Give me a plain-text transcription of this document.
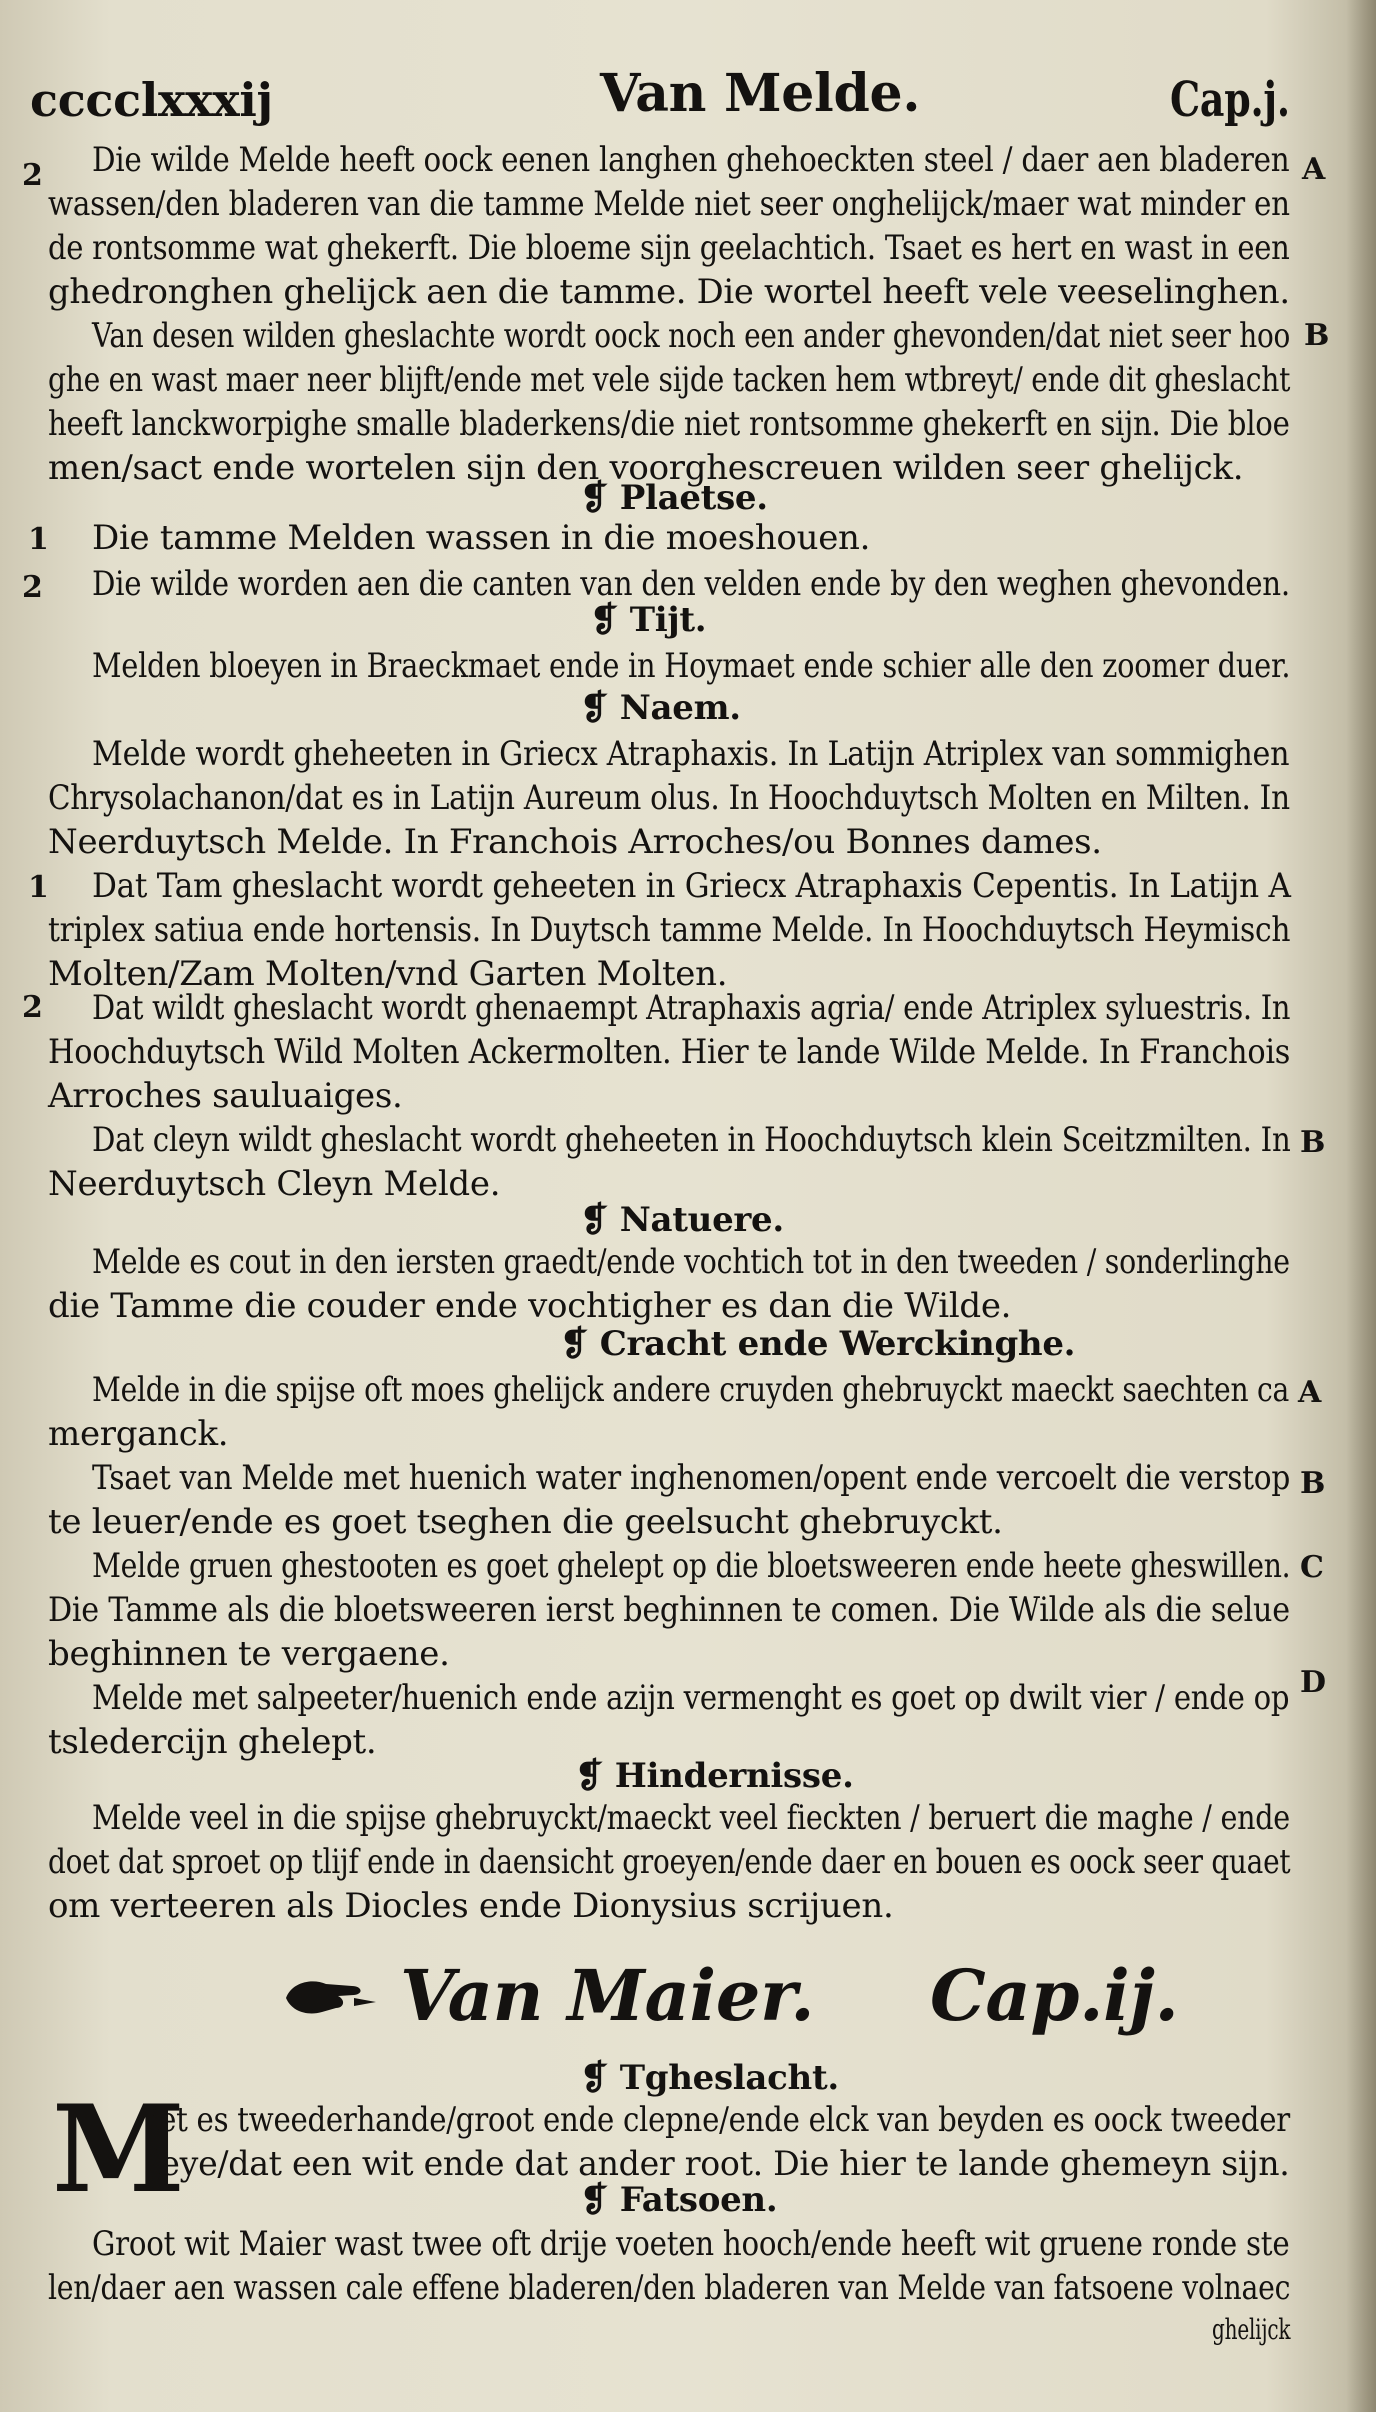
cccclxxxij	Van Melde.	Cap.j.
2	A
B
1
2
1
2
B
A
B
C
D
Die wilde Melde heeft oock eenen langhen ghehoeckten steel / daer aen bladeren
wassen/den bladeren van die tamme Melde niet seer onghelijck/maer wat minder en
de rontsomme wat ghekerft. Die bloeme sijn geelachtich. Tsaet es hert en wast in een
ghedronghen ghelijck aen die tamme. Die wortel heeft vele veeselinghen.
Van desen wilden gheslachte wordt oock noch een ander ghevonden/dat niet seer hoo
ghe en wast maer neer blijft/ende met vele sijde tacken hem wtbreyt/ ende dit gheslacht
heeft lanckworpighe smalle bladerkens/die niet rontsomme ghekerft en sijn. Die bloe
men/sact ende wortelen sijn den voorghescreuen wilden seer ghelijck.
❡ Plaetse.
Die tamme Melden wassen in die moeshouen.
Die wilde worden aen die canten van den velden ende by den weghen ghevonden.
❡ Tijt.
Melden bloeyen in Braeckmaet ende in Hoymaet ende schier alle den zoomer duer.
❡ Naem.
Melde wordt gheheeten in Griecx Atraphaxis. In Latijn Atriplex van sommighen
Chrysolachanon/dat es in Latijn Aureum olus. In Hoochduytsch Molten en Milten. In
Neerduytsch Melde. In Franchois Arroches/ou Bonnes dames.
Dat Tam gheslacht wordt geheeten in Griecx Atraphaxis Cepentis. In Latijn A
triplex satiua ende hortensis. In Duytsch tamme Melde. In Hoochduytsch Heymisch
Molten/Zam Molten/vnd Garten Molten.
Dat wildt gheslacht wordt ghenaempt Atraphaxis agria/ ende Atriplex syluestris. In
Hoochduytsch Wild Molten Ackermolten. Hier te lande Wilde Melde. In Franchois
Arroches sauluaiges.
Dat cleyn wildt gheslacht wordt gheheeten in Hoochduytsch klein Sceitzmilten. In
Neerduytsch Cleyn Melde.
❡ Natuere.
Melde es cout in den iersten graedt/ende vochtich tot in den tweeden / sonderlinghe
die Tamme die couder ende vochtigher es dan die Wilde.
❡ Cracht ende Werckinghe.
Melde in die spijse oft moes ghelijck andere cruyden ghebruyckt maeckt saechten ca
merganck.
Tsaet van Melde met huenich water inghenomen/opent ende vercoelt die verstop
te leuer/ende es goet tseghen die geelsucht ghebruyckt.
Melde gruen ghestooten es goet ghelept op die bloetsweeren ende heete gheswillen.
Die Tamme als die bloetsweeren ierst beghinnen te comen. Die Wilde als die selue
beghinnen te vergaene.
Melde met salpeeter/huenich ende azijn vermenght es goet op dwilt vier / ende op
tsledercijn ghelept.
❡ Hindernisse.
Melde veel in die spijse ghebruyckt/maeckt veel fieckten / beruert die maghe / ende
doet dat sproet op tlijf ende in daensicht groeyen/ende daer en bouen es oock seer quaet
om verteeren als Diocles ende Dionysius scrijuen.
Van Maier. Cap.ij.
❡ Tgheslacht.
M
iet es tweederhande/groot ende clepne/ende elck van beyden es oock tweeder
leye/dat een wit ende dat ander root. Die hier te lande ghemeyn sijn.
❡ Fatsoen.
Groot wit Maier wast twee oft drije voeten hooch/ende heeft wit gruene ronde ste
len/daer aen wassen cale effene bladeren/den bladeren van Melde van fatsoene volnaec
ghelijck
